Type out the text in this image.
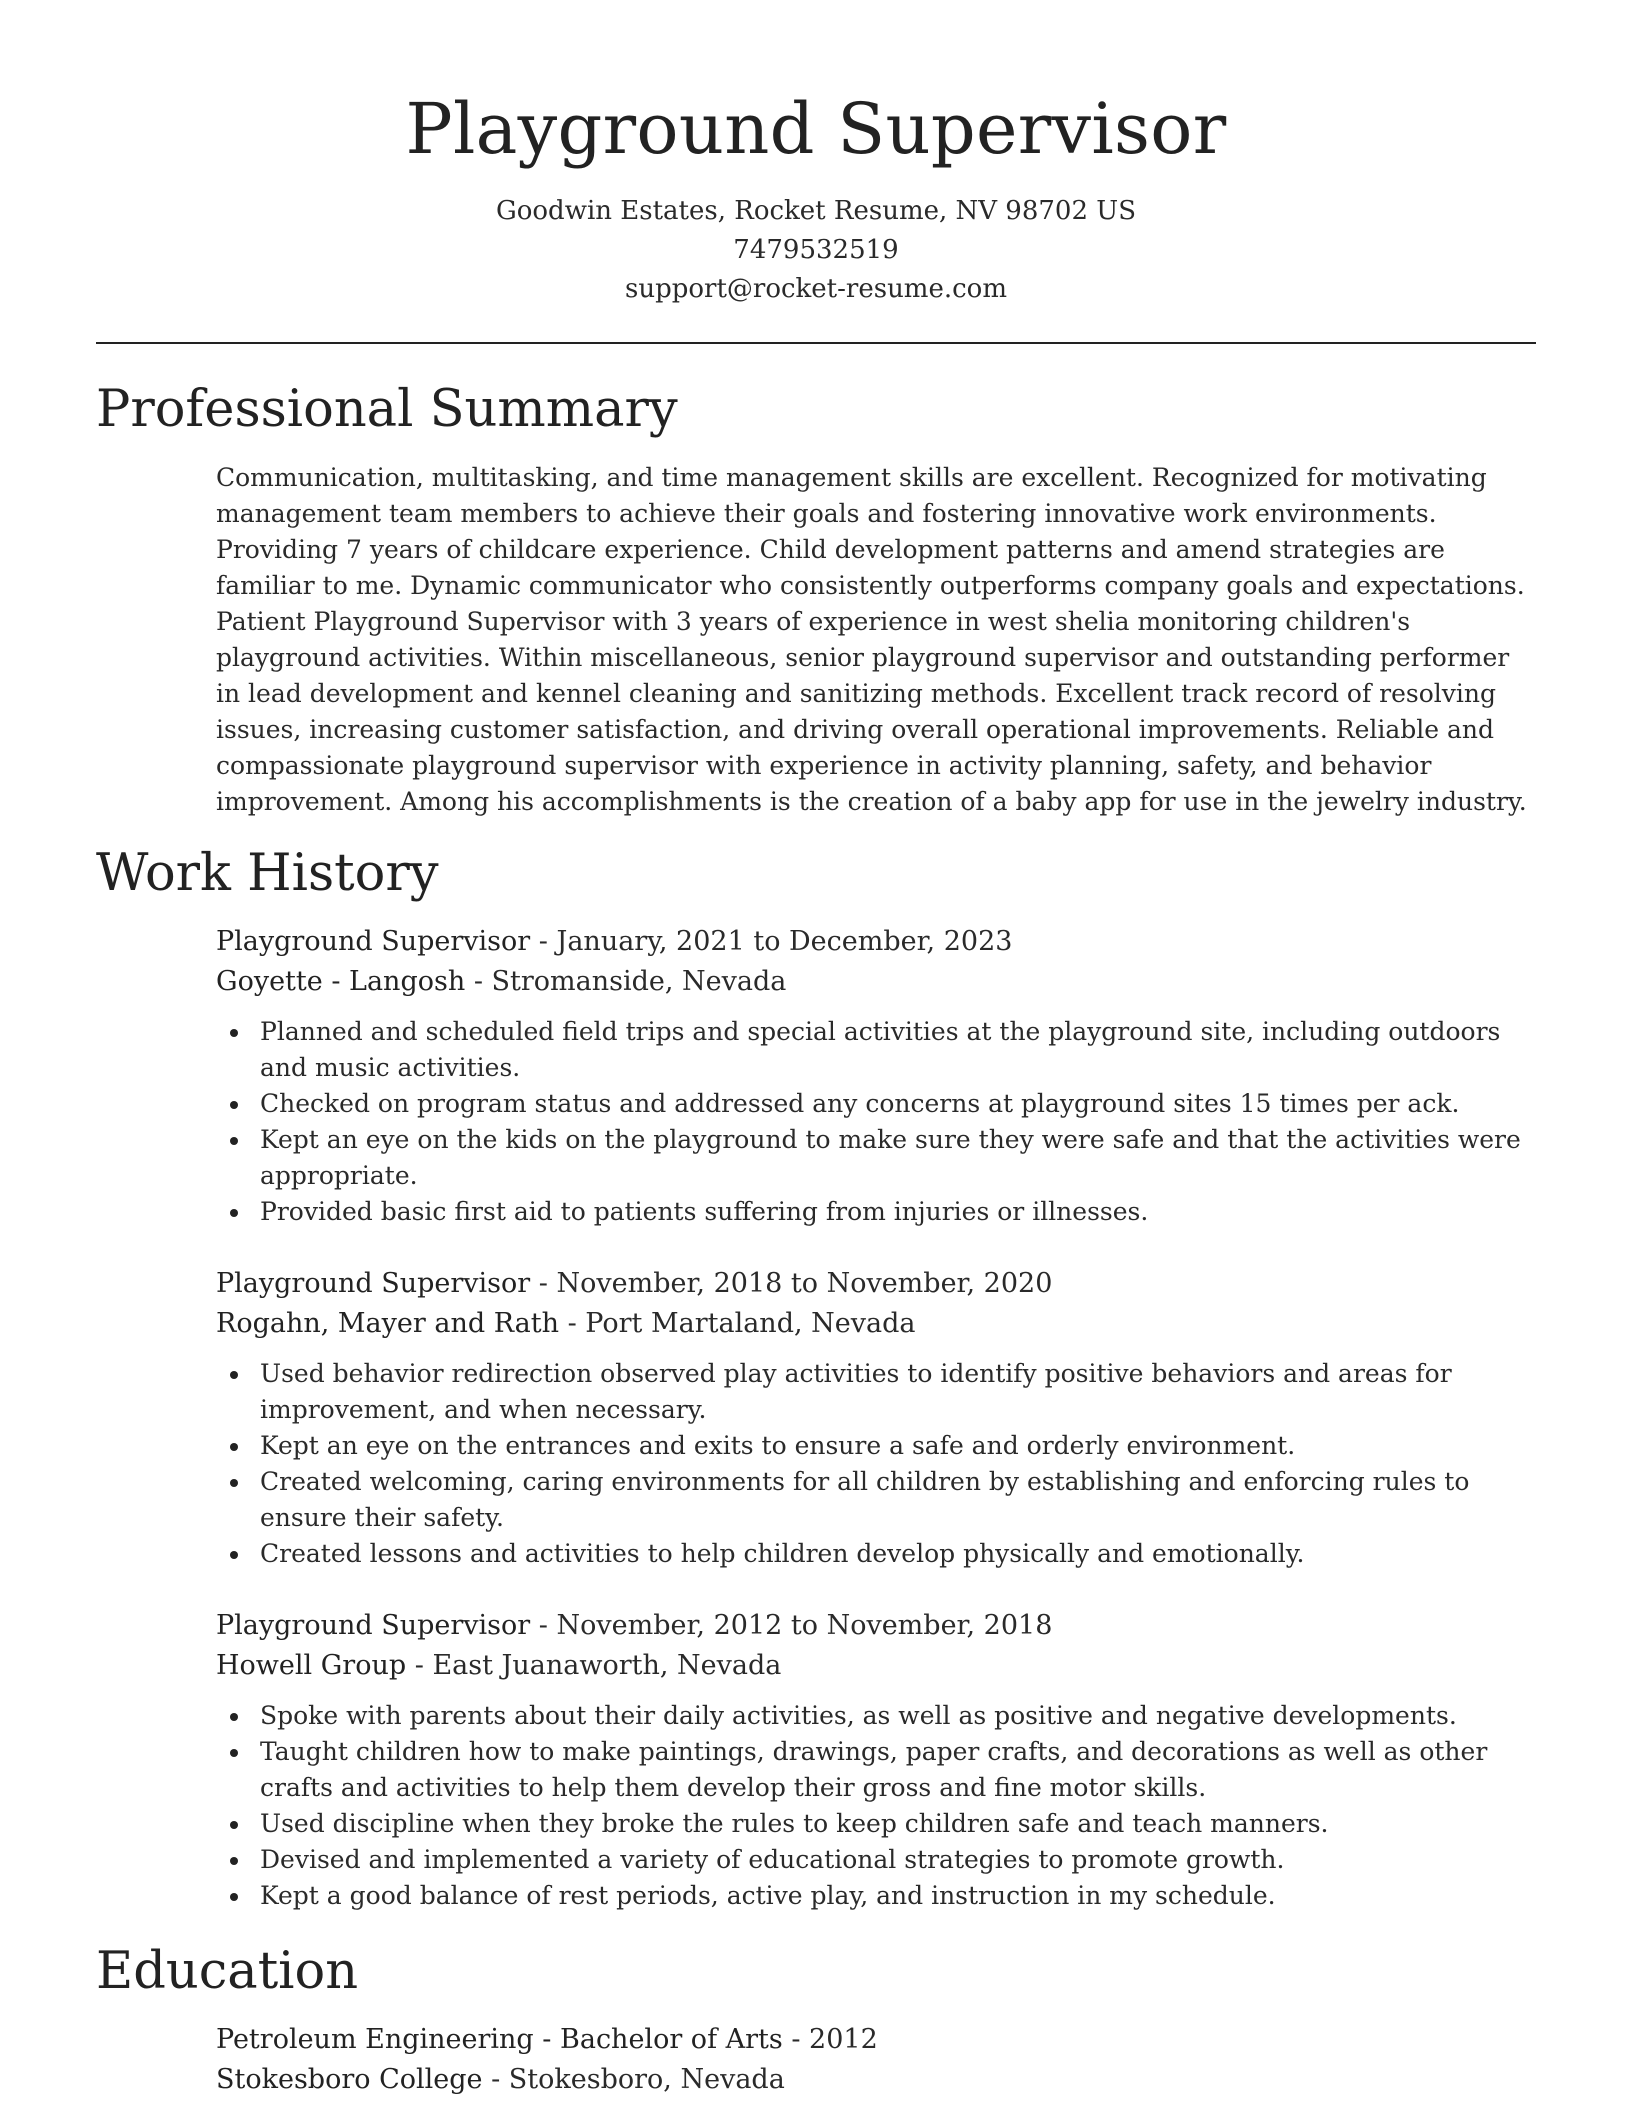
Playground Supervisor
Goodwin Estates, Rocket Resume, NV 98702 US
7479532519
support@rocket-resume.com
Professional Summary
Communication, multitasking, and time management skills are excellent. Recognized for motivating management team members to achieve their goals and fostering innovative work environments. Providing 7 years of childcare experience. Child development patterns and amend strategies are familiar to me. Dynamic communicator who consistently outperforms company goals and expectations. Patient Playground Supervisor with 3 years of experience in west shelia monitoring children's playground activities. Within miscellaneous, senior playground supervisor and outstanding performer in lead development and kennel cleaning and sanitizing methods. Excellent track record of resolving issues, increasing customer satisfaction, and driving overall operational improvements. Reliable and compassionate playground supervisor with experience in activity planning, safety, and behavior improvement. Among his accomplishments is the creation of a baby app for use in the jewelry industry.
Work History
Playground Supervisor - January, 2021 to December, 2023
Goyette - Langosh - Stromanside, Nevada
Planned and scheduled field trips and special activities at the playground site, including outdoors and music activities.
Checked on program status and addressed any concerns at playground sites 15 times per ack.
Kept an eye on the kids on the playground to make sure they were safe and that the activities were appropriate.
Provided basic first aid to patients suffering from injuries or illnesses.
Playground Supervisor - November, 2018 to November, 2020
Rogahn, Mayer and Rath - Port Martaland, Nevada
Used behavior redirection observed play activities to identify positive behaviors and areas for improvement, and when necessary.
Kept an eye on the entrances and exits to ensure a safe and orderly environment.
Created welcoming, caring environments for all children by establishing and enforcing rules to ensure their safety.
Created lessons and activities to help children develop physically and emotionally.
Playground Supervisor - November, 2012 to November, 2018
Howell Group - East Juanaworth, Nevada
Spoke with parents about their daily activities, as well as positive and negative developments.
Taught children how to make paintings, drawings, paper crafts, and decorations as well as other crafts and activities to help them develop their gross and fine motor skills.
Used discipline when they broke the rules to keep children safe and teach manners.
Devised and implemented a variety of educational strategies to promote growth.
Kept a good balance of rest periods, active play, and instruction in my schedule.
Education
Petroleum Engineering - Bachelor of Arts - 2012
Stokesboro College - Stokesboro, Nevada
